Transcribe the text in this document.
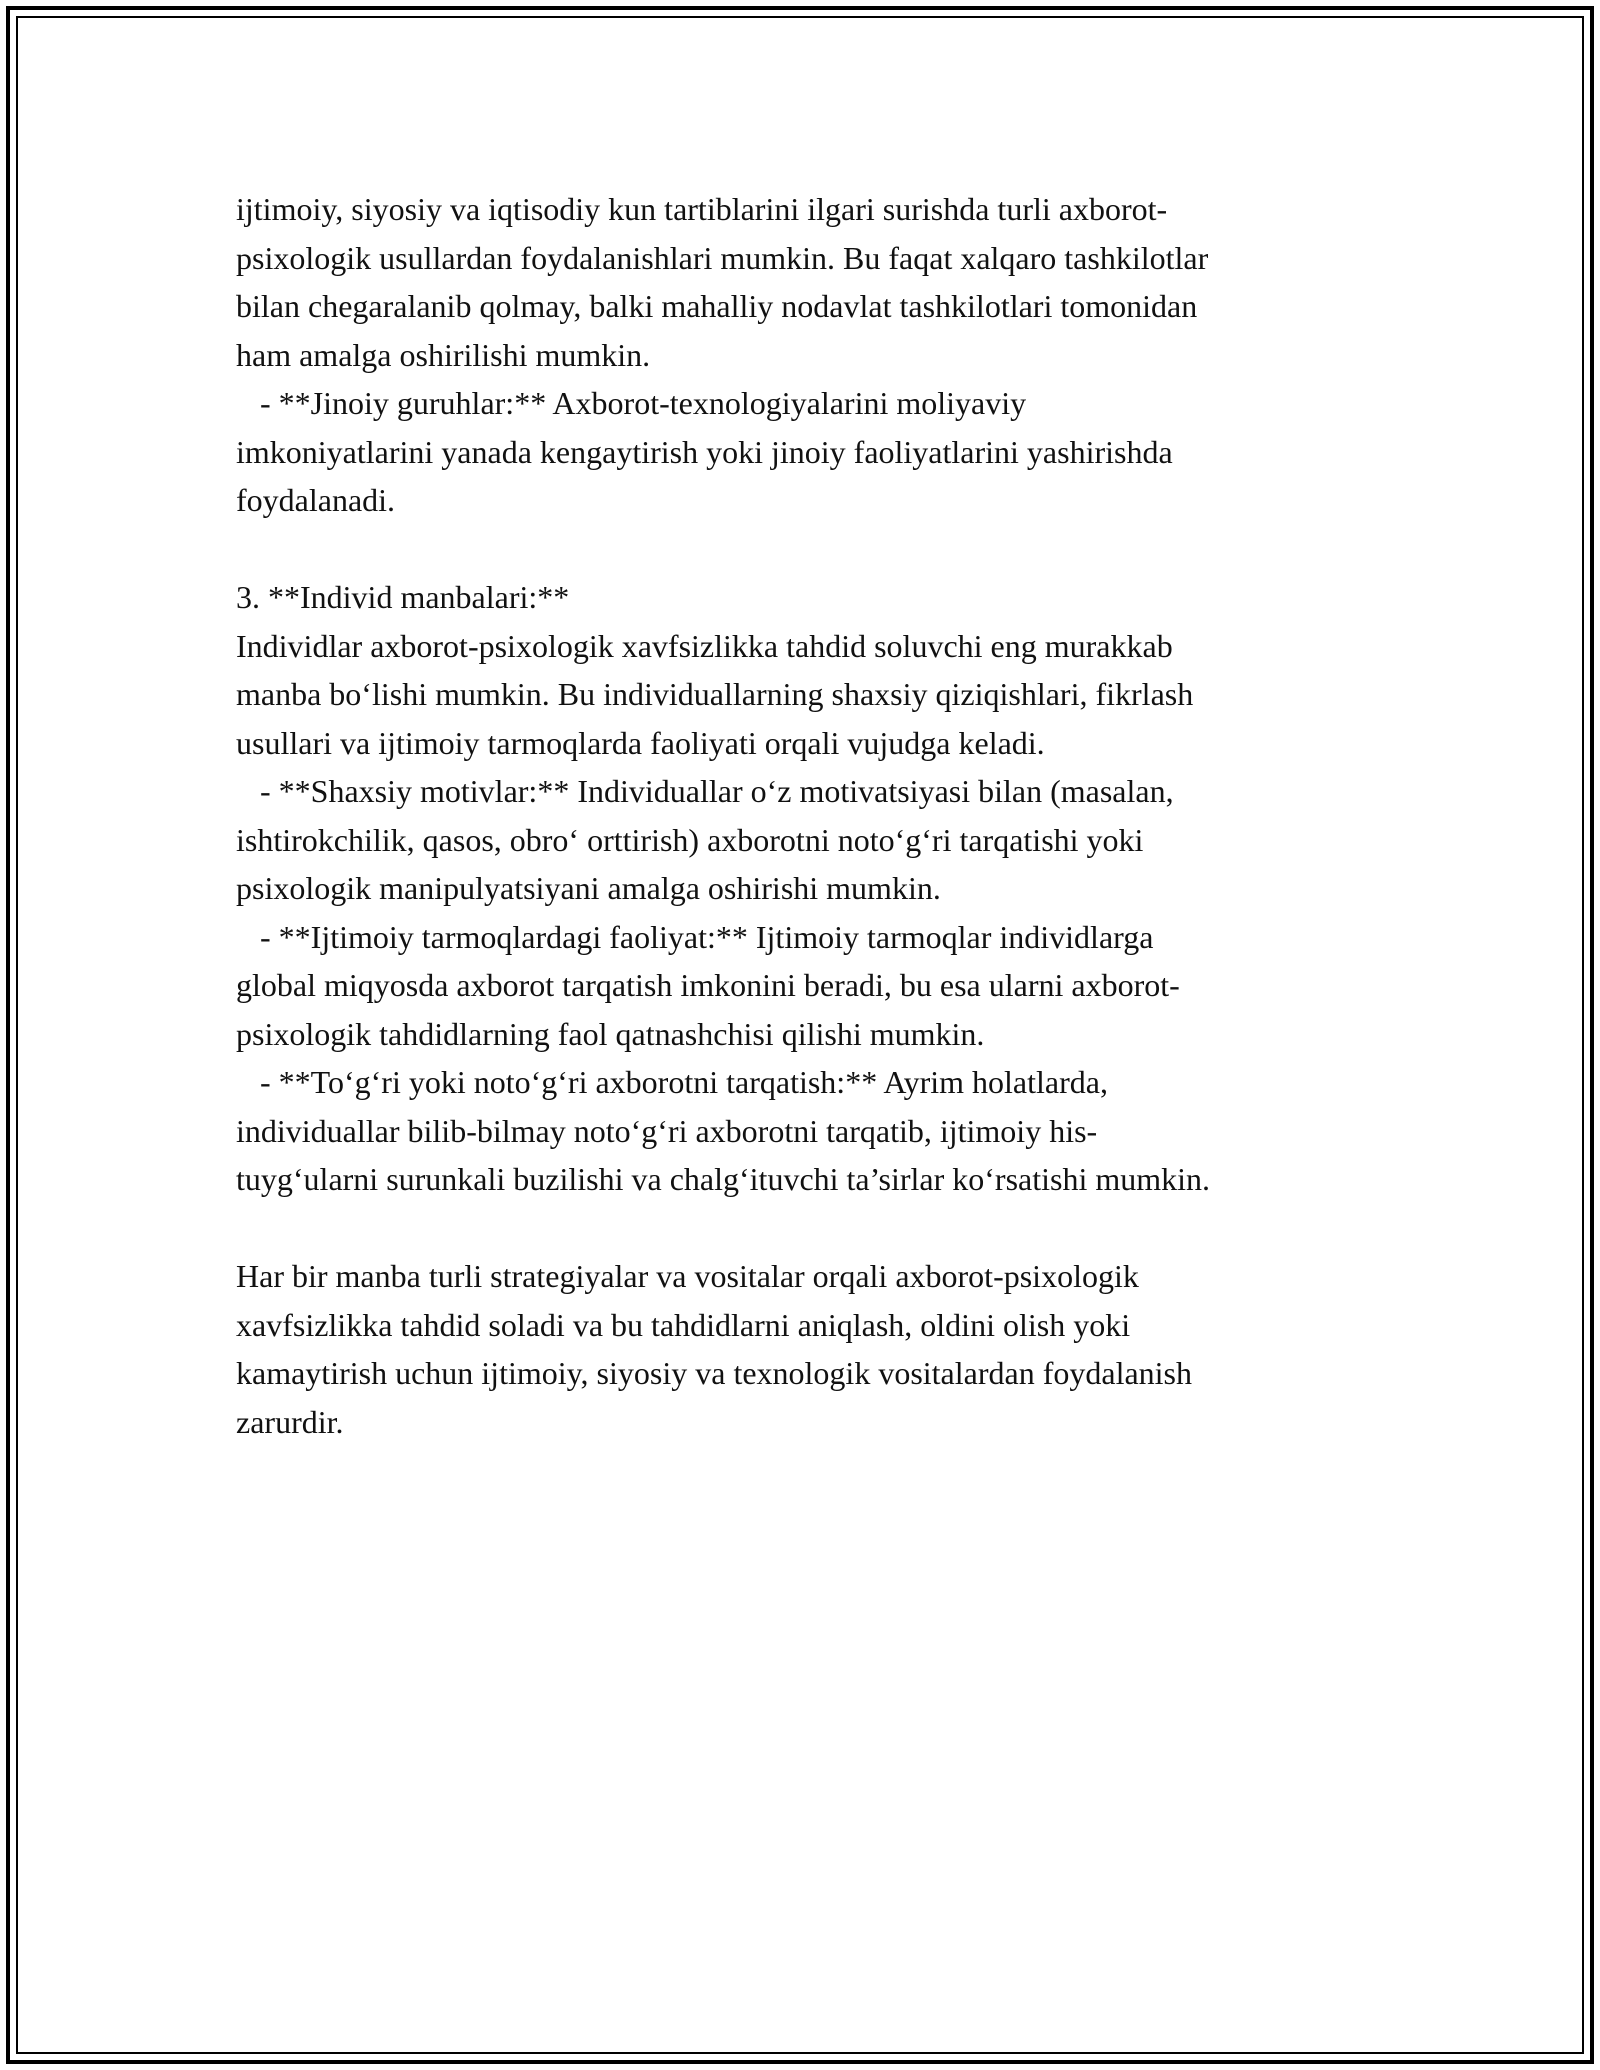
ijtimoiy, siyosiy va iqtisodiy kun tartiblarini ilgari surishda turli axborot-
psixologik usullardan foydalanishlari mumkin. Bu faqat xalqaro tashkilotlar
bilan chegaralanib qolmay, balki mahalliy nodavlat tashkilotlari tomonidan
ham amalga oshirilishi mumkin.
- **Jinoiy guruhlar:** Axborot-texnologiyalarini moliyaviy
imkoniyatlarini yanada kengaytirish yoki jinoiy faoliyatlarini yashirishda
foydalanadi.
3. **Individ manbalari:**
Individlar axborot-psixologik xavfsizlikka tahdid soluvchi eng murakkab
manba bo‘lishi mumkin. Bu individuallarning shaxsiy qiziqishlari, fikrlash
usullari va ijtimoiy tarmoqlarda faoliyati orqali vujudga keladi.
- **Shaxsiy motivlar:** Individuallar o‘z motivatsiyasi bilan (masalan,
ishtirokchilik, qasos, obro‘ orttirish) axborotni noto‘g‘ri tarqatishi yoki
psixologik manipulyatsiyani amalga oshirishi mumkin.
- **Ijtimoiy tarmoqlardagi faoliyat:** Ijtimoiy tarmoqlar individlarga
global miqyosda axborot tarqatish imkonini beradi, bu esa ularni axborot-
psixologik tahdidlarning faol qatnashchisi qilishi mumkin.
- **To‘g‘ri yoki noto‘g‘ri axborotni tarqatish:** Ayrim holatlarda,
individuallar bilib-bilmay noto‘g‘ri axborotni tarqatib, ijtimoiy his-
tuyg‘ularni surunkali buzilishi va chalg‘ituvchi ta’sirlar ko‘rsatishi mumkin.
Har bir manba turli strategiyalar va vositalar orqali axborot-psixologik
xavfsizlikka tahdid soladi va bu tahdidlarni aniqlash, oldini olish yoki
kamaytirish uchun ijtimoiy, siyosiy va texnologik vositalardan foydalanish
zarurdir.
